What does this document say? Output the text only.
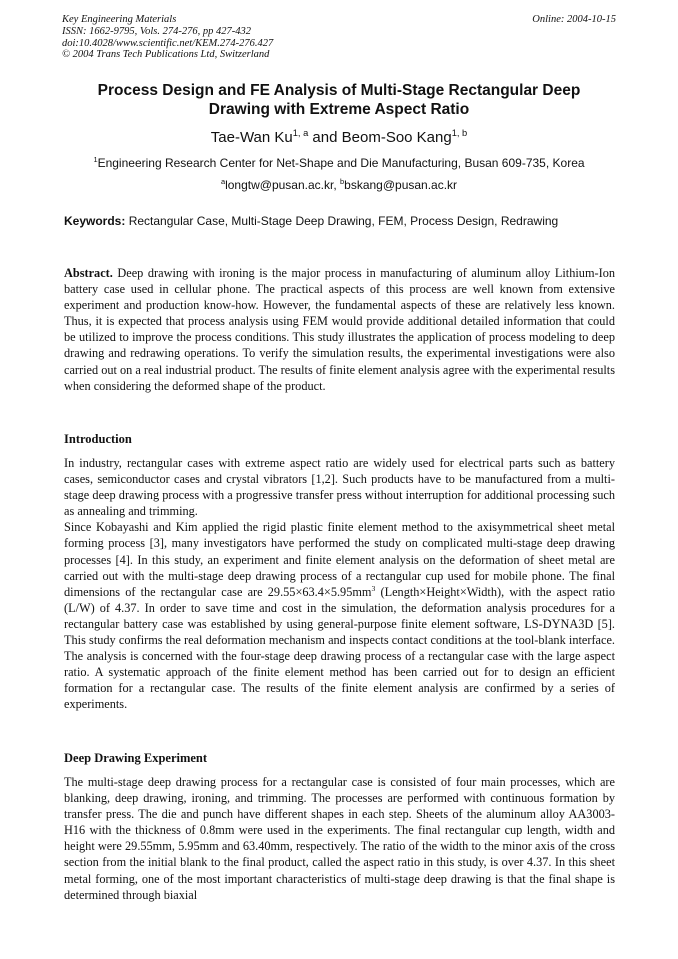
Key Engineering Materials
ISSN: 1662-9795, Vols. 274-276, pp 427-432
doi:10.4028/www.scientific.net/KEM.274-276.427
© 2004 Trans Tech Publications Ltd, Switzerland
Online: 2004-10-15
Process Design and FE Analysis of Multi-Stage Rectangular Deep
Drawing with Extreme Aspect Ratio
Tae-Wan Ku$^{1, a}$ and Beom-Soo Kang$^{1, b}$
$^1$Engineering Research Center for Net-Shape and Die Manufacturing, Busan 609-735, Korea
$^a$longtw@pusan.ac.kr, $^b$bskang@pusan.ac.kr
Keywords: Rectangular Case, Multi-Stage Deep Drawing, FEM, Process Design, Redrawing

Abstract. Deep drawing with ironing is the major process in manufacturing of aluminum alloy Lithium-Ion battery case used in cellular phone. The practical aspects of this process are well known from extensive experiment and production know-how. However, the fundamental aspects of these are relatively less known. Thus, it is expected that process analysis using FEM would provide additional detailed information that could be utilized to improve the process conditions. This study illustrates the application of process modeling to deep drawing and redrawing operations. To verify the simulation results, the experimental investigations were also carried out on a real industrial product. The results of finite element analysis agree with the experimental results when considering the deformed shape of the product.

Introduction

In industry, rectangular cases with extreme aspect ratio are widely used for electrical parts such as battery cases, semiconductor cases and crystal vibrators [1,2]. Such products have to be manufactured from a multi-stage deep drawing process with a progressive transfer press without interruption for additional processing such as annealing and trimming.

Since Kobayashi and Kim applied the rigid plastic finite element method to the axisymmetrical sheet metal forming process [3], many investigators have performed the study on complicated multi-stage deep drawing processes [4]. In this study, an experiment and finite element analysis on the deformation of sheet metal are carried out with the multi-stage deep drawing process of a rectangular cup used for mobile phone. The final dimensions of the rectangular case are $29.55\times 63.4\times 5.95mm^3$ (Length×Height×Width), with the aspect ratio (L/W) of 4.37. In order to save time and cost in the simulation, the deformation analysis procedures for a rectangular battery case was established by using general-purpose finite element software, LS-DYNA3D [5]. This study confirms the real deformation mechanism and inspects contact conditions at the tool-blank interface. The analysis is concerned with the four-stage deep drawing process of a rectangular case with the large aspect ratio. A systematic approach of the finite element method has been carried out for to design an efficient formation for a rectangular case. The results of the finite element analysis are confirmed by a series of experiments.

Deep Drawing Experiment

The multi-stage deep drawing process for a rectangular case is consisted of four main processes, which are blanking, deep drawing, ironing, and trimming. The processes are performed with continuous formation by transfer press. The die and punch have different shapes in each step. Sheets of the aluminum alloy AA3003-H16 with the thickness of 0.8mm were used in the experiments. The final rectangular cup length, width and height were 29.55mm, 5.95mm and 63.40mm, respectively. The ratio of the width to the minor axis of the cross section from the initial blank to the final product, called the aspect ratio in this study, is over 4.37. In this sheet metal forming, one of the most important characteristics of multi-stage deep drawing is that the final shape is determined through biaxial
